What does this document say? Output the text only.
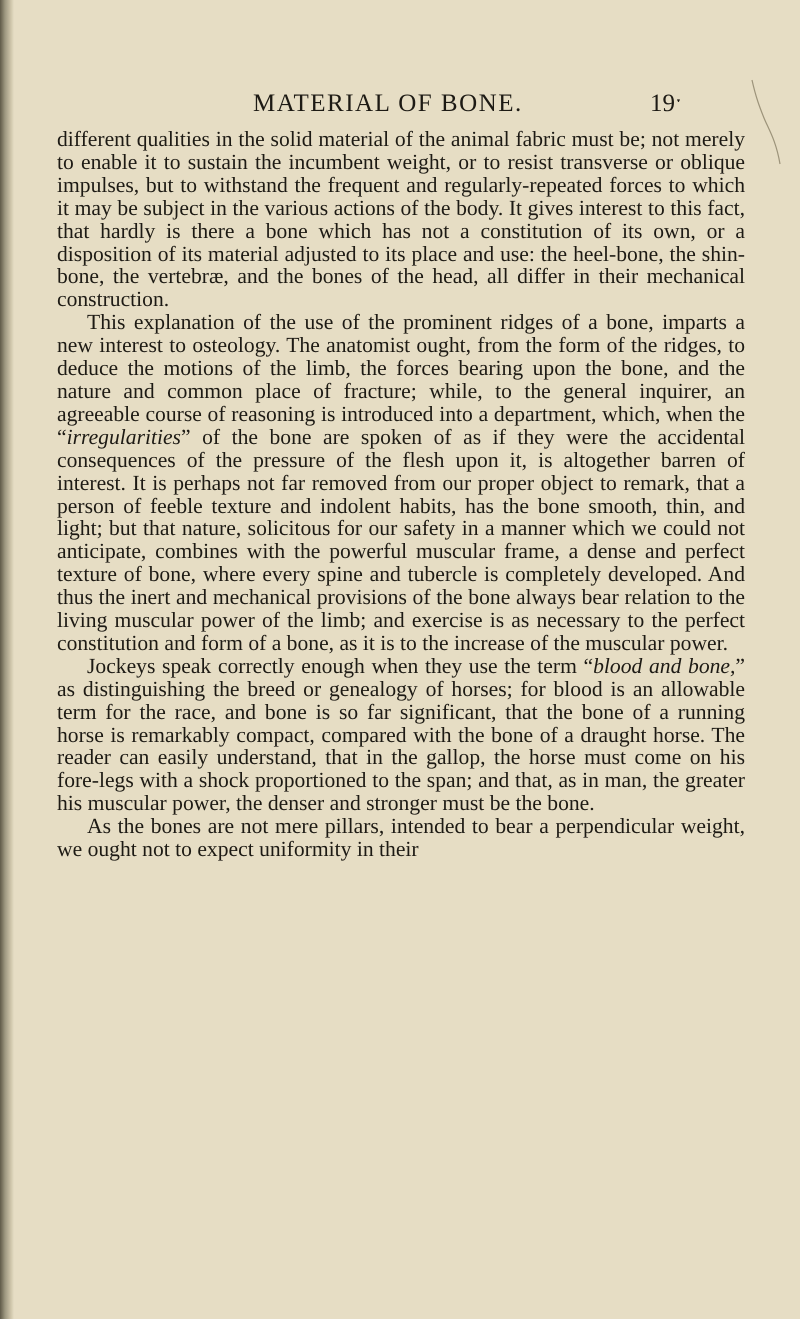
MATERIAL OF BONE.	19ˑ

different qualities in the solid material of the animal fabric must be; not merely to enable it to sustain the incumbent weight, or to resist transverse or oblique impulses, but to withstand the frequent and regularly-repeated forces to which it may be subject in the various actions of the body. It gives interest to this fact, that hardly is there a bone which has not a constitution of its own, or a disposition of its material adjusted to its place and use: the heel-bone, the shin-bone, the vertebræ, and the bones of the head, all differ in their mechanical construction.

This explanation of the use of the prominent ridges of a bone, imparts a new interest to osteology. The anatomist ought, from the form of the ridges, to deduce the motions of the limb, the forces bearing upon the bone, and the nature and common place of fracture; while, to the general inquirer, an agreeable course of reasoning is introduced into a department, which, when the “irregularities” of the bone are spoken of as if they were the accidental consequences of the pressure of the flesh upon it, is altogether barren of interest. It is perhaps not far removed from our proper object to remark, that a person of feeble texture and indolent habits, has the bone smooth, thin, and light; but that nature, solicitous for our safety in a manner which we could not anticipate, combines with the powerful muscular frame, a dense and perfect texture of bone, where every spine and tubercle is completely developed. And thus the inert and mechanical provisions of the bone always bear relation to the living muscular power of the limb; and exercise is as necessary to the perfect constitution and form of a bone, as it is to the increase of the muscular power.

Jockeys speak correctly enough when they use the term “blood and bone,” as distinguishing the breed or genealogy of horses; for blood is an allowable term for the race, and bone is so far significant, that the bone of a running horse is remarkably compact, compared with the bone of a draught horse. The reader can easily understand, that in the gallop, the horse must come on his fore-legs with a shock proportioned to the span; and that, as in man, the greater his muscular power, the denser and stronger must be the bone.

As the bones are not mere pillars, intended to bear a perpendicular weight, we ought not to expect uniformity in their
